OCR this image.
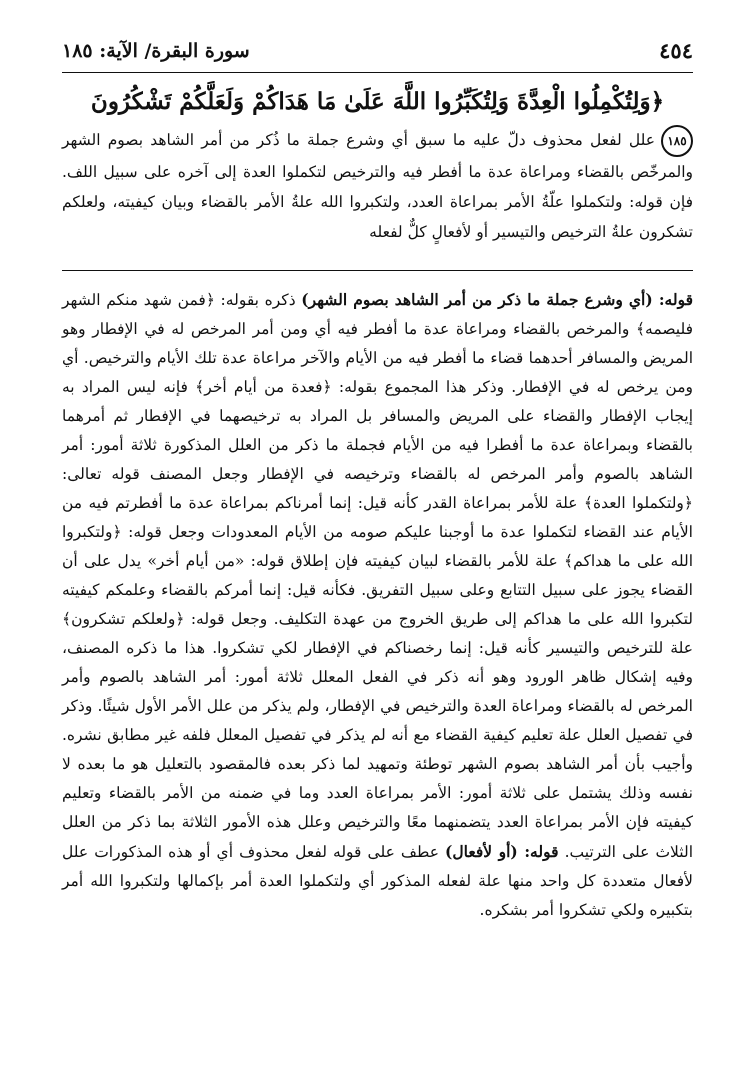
٤٥٤
سورة البقرة/ الآية: ١٨٥
﴿وَلِتُكْمِلُوا الْعِدَّةَ وَلِتُكَبِّرُوا اللَّهَ عَلَىٰ مَا هَدَاكُمْ وَلَعَلَّكُمْ تَشْكُرُونَ
١٨٥علل لفعل محذوف دلّ عليه ما سبق أي وشرع جملة ما ذُكر من أمر الشاهد بصوم الشهر والمرخّص بالقضاء ومراعاة عدة ما أفطر فيه والترخيص لتكملوا العدة إلى آخره على سبيل اللف. فإن قوله: ولتكملوا علّةُ الأمر بمراعاة العدد، ولتكبروا الله علةُ الأمر بالقضاء وبيان كيفيته، ولعلكم تشكرون علةُ الترخيص والتيسير أو لأفعالٍ كلٌّ لفعله

قوله: (أي وشرع جملة ما ذكر من أمر الشاهد بصوم الشهر) ذكره بقوله: ﴿فمن شهد منكم الشهر فليصمه﴾ والمرخص بالقضاء ومراعاة عدة ما أفطر فيه أي ومن أمر المرخص له في الإفطار وهو المريض والمسافر أحدهما قضاء ما أفطر فيه من الأيام والآخر مراعاة عدة تلك الأيام والترخيص. أي ومن يرخص له في الإفطار. وذكر هذا المجموع بقوله: ﴿فعدة من أيام أخر﴾ فإنه ليس المراد به إيجاب الإفطار والقضاء على المريض والمسافر بل المراد به ترخيصهما في الإفطار ثم أمرهما بالقضاء وبمراعاة عدة ما أفطرا فيه من الأيام فجملة ما ذكر من العلل المذكورة ثلاثة أمور: أمر الشاهد بالصوم وأمر المرخص له بالقضاء وترخيصه في الإفطار وجعل المصنف قوله تعالى: ﴿ولتكملوا العدة﴾ علة للأمر بمراعاة القدر كأنه قيل: إنما أمرناكم بمراعاة عدة ما أفطرتم فيه من الأيام عند القضاء لتكملوا عدة ما أوجبنا عليكم صومه من الأيام المعدودات وجعل قوله: ﴿ولتكبروا الله على ما هداكم﴾ علة للأمر بالقضاء لبيان كيفيته فإن إطلاق قوله: «من أيام أخر» يدل على أن القضاء يجوز على سبيل التتابع وعلى سبيل التفريق. فكأنه قيل: إنما أمركم بالقضاء وعلمكم كيفيته لتكبروا الله على ما هداكم إلى طريق الخروج من عهدة التكليف. وجعل قوله: ﴿ولعلكم تشكرون﴾ علة للترخيص والتيسير كأنه قيل: إنما رخصناكم في الإفطار لكي تشكروا. هذا ما ذكره المصنف، وفيه إشكال ظاهر الورود وهو أنه ذكر في الفعل المعلل ثلاثة أمور: أمر الشاهد بالصوم وأمر المرخص له بالقضاء ومراعاة العدة والترخيص في الإفطار، ولم يذكر من علل الأمر الأول شيئًا. وذكر في تفصيل العلل علة تعليم كيفية القضاء مع أنه لم يذكر في تفصيل المعلل فلفه غير مطابق نشره. وأجيب بأن أمر الشاهد بصوم الشهر توطئة وتمهيد لما ذكر بعده فالمقصود بالتعليل هو ما بعده لا نفسه وذلك يشتمل على ثلاثة أمور: الأمر بمراعاة العدد وما في ضمنه من الأمر بالقضاء وتعليم كيفيته فإن الأمر بمراعاة العدد يتضمنهما معًا والترخيص وعلل هذه الأمور الثلاثة بما ذكر من العلل الثلاث على الترتيب. قوله: (أو لأفعال) عطف على قوله لفعل محذوف أي أو هذه المذكورات علل لأفعال متعددة كل واحد منها علة لفعله المذكور أي ولتكملوا العدة أمر بإكمالها ولتكبروا الله أمر بتكبيره ولكي تشكروا أمر بشكره.
